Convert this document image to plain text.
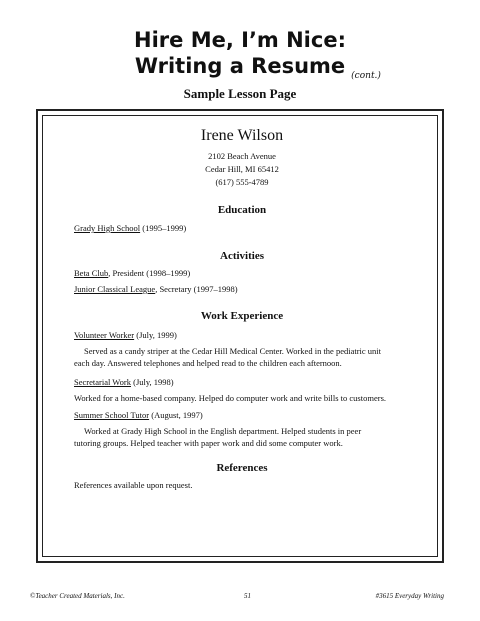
Hire Me, I’m Nice:
Writing a Resume (cont.)
Sample Lesson Page
Irene Wilson
2102 Beach Avenue
Cedar Hill, MI 65412
(617) 555-4789
Education
Grady High School (1995–1999)
Activities
Beta Club, President (1998–1999)
Junior Classical League, Secretary (1997–1998)
Work Experience
Volunteer Worker (July, 1999)
Served as a candy striper at the Cedar Hill Medical Center. Worked in the pediatric unit
each day. Answered telephones and helped read to the children each afternoon.
Secretarial Work (July, 1998)
Worked for a home-based company. Helped do computer work and write bills to customers.
Summer School Tutor (August, 1997)
Worked at Grady High School in the English department. Helped students in peer
tutoring groups. Helped teacher with paper work and did some computer work.
References
References available upon request.
©Teacher Created Materials, Inc.	51	#3615 Everyday Writing
